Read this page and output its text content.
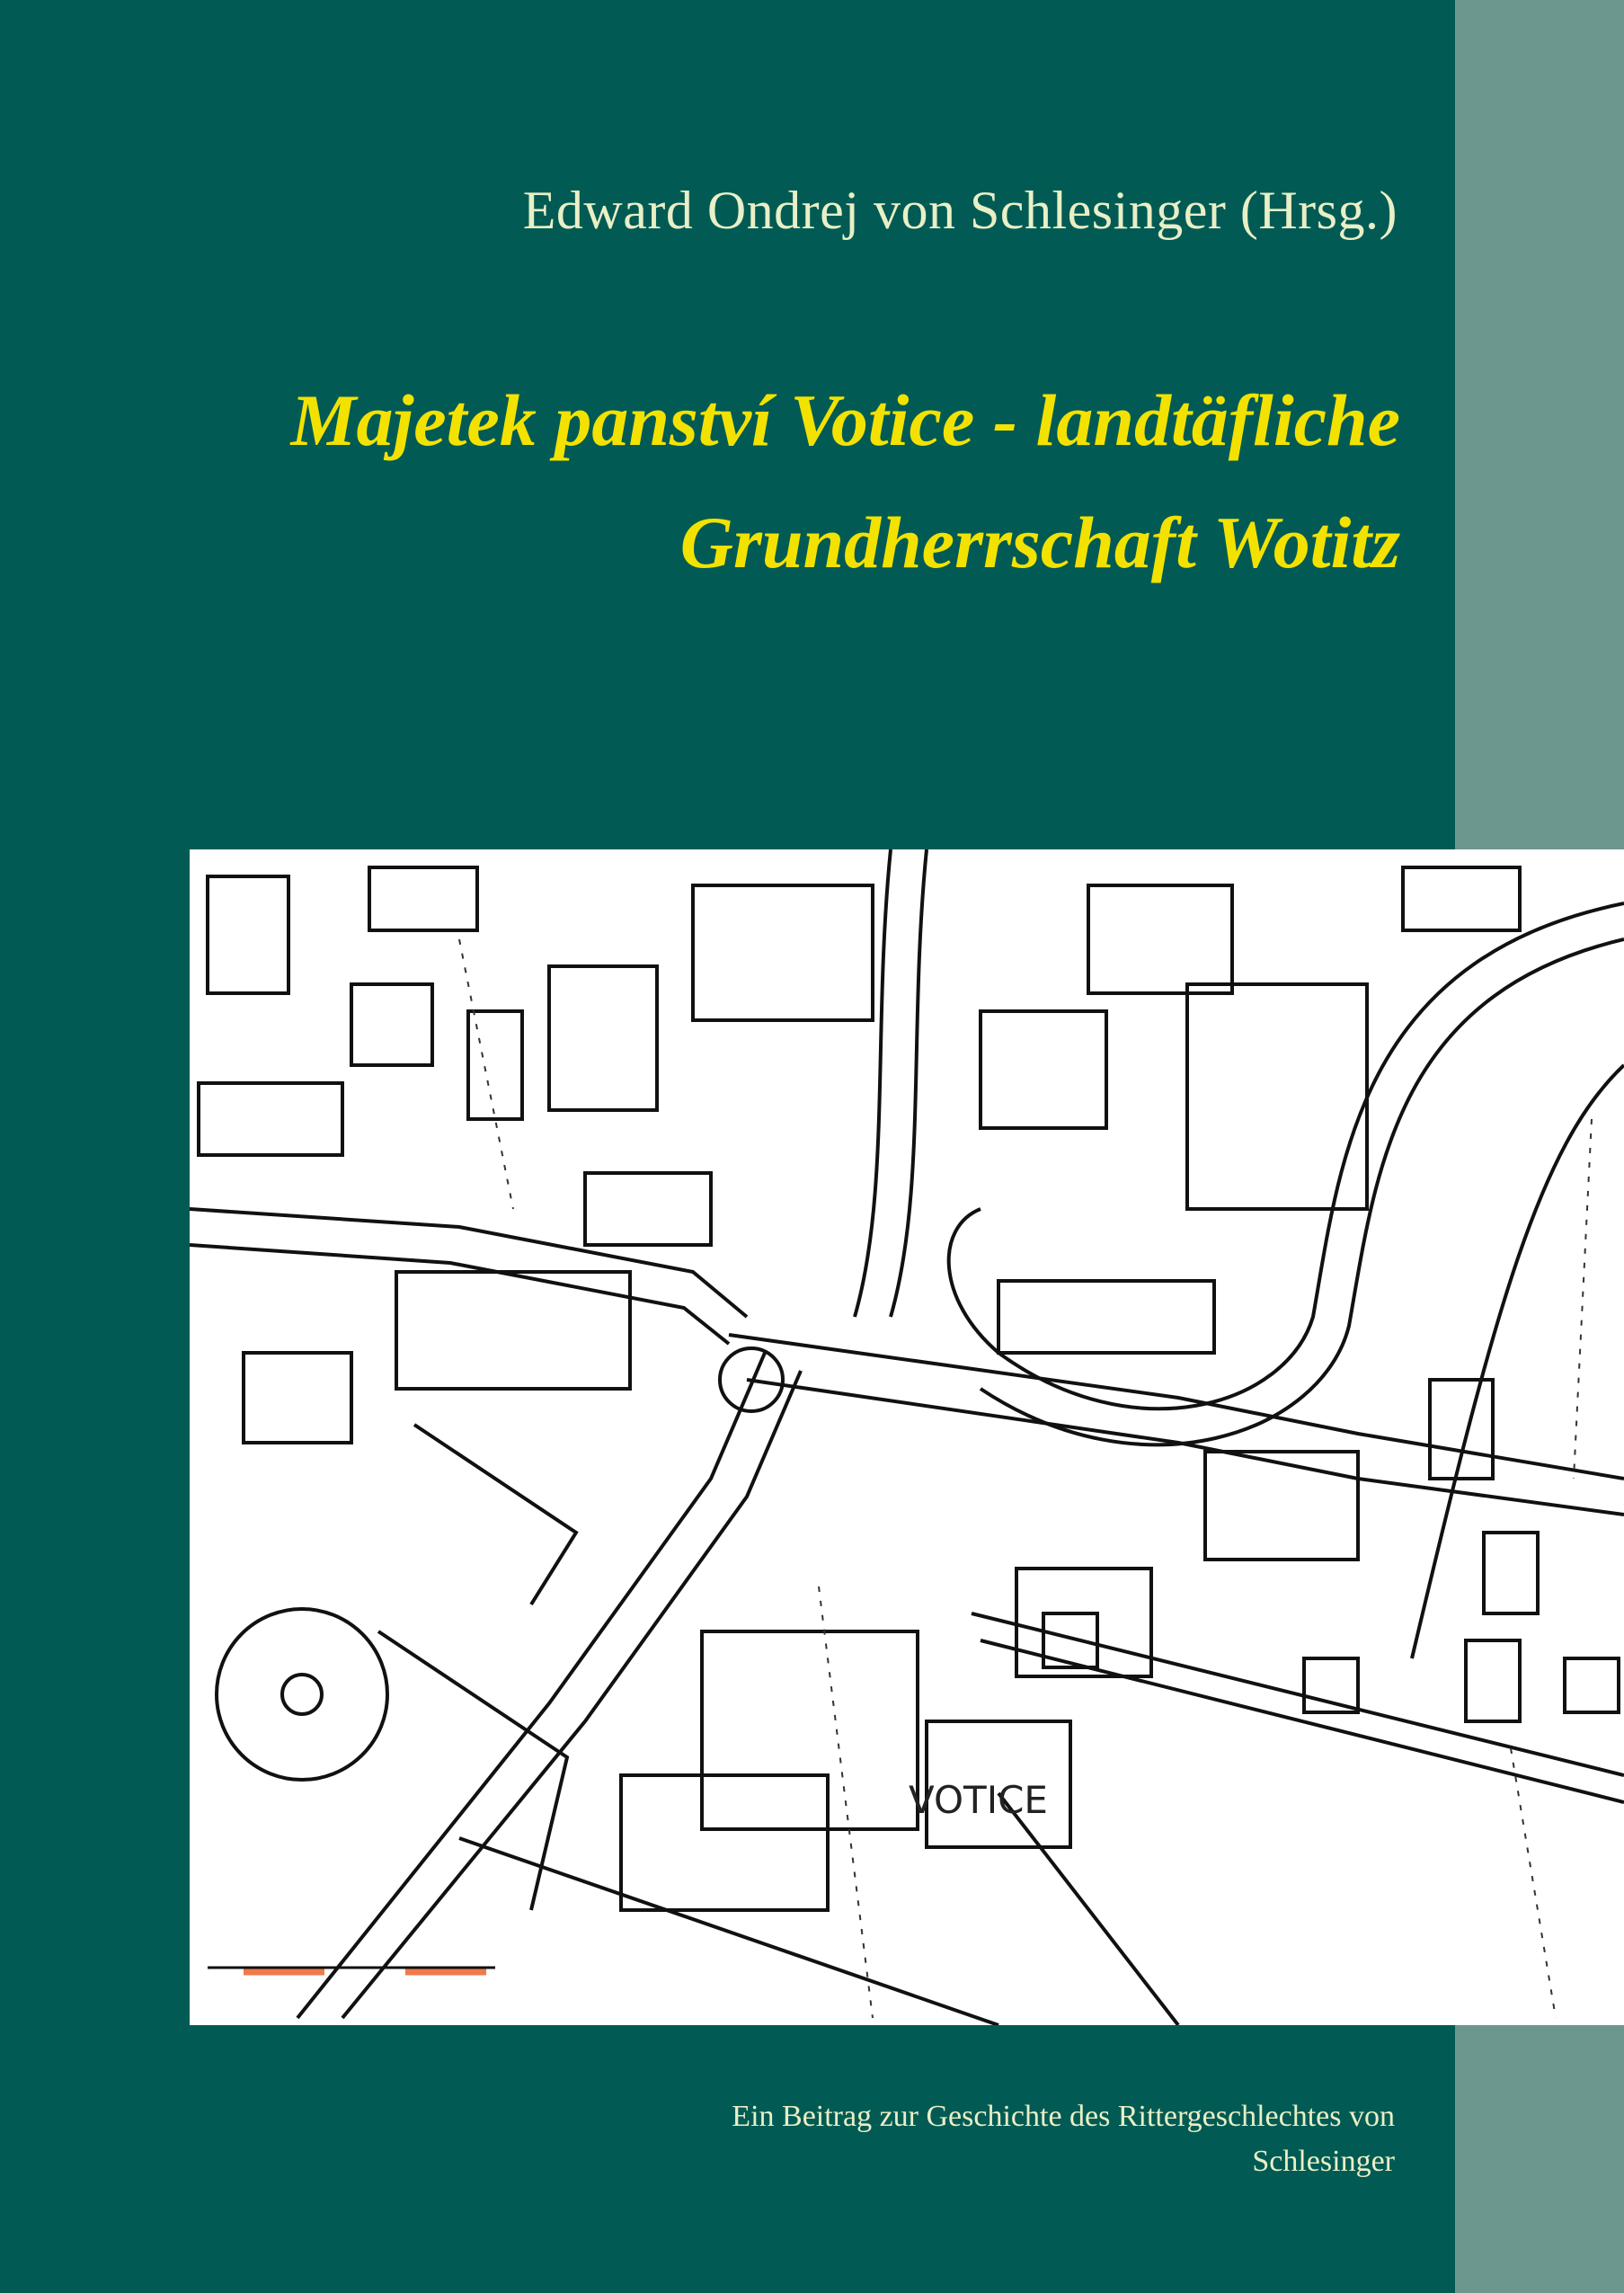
Edward Ondrej von Schlesinger (Hrsg.)
Majetek panství Votice - landtäfliche
Grundherrschaft Wotitz
VOTICE
Ein Beitrag zur Geschichte des Rittergeschlechtes von
Schlesinger
